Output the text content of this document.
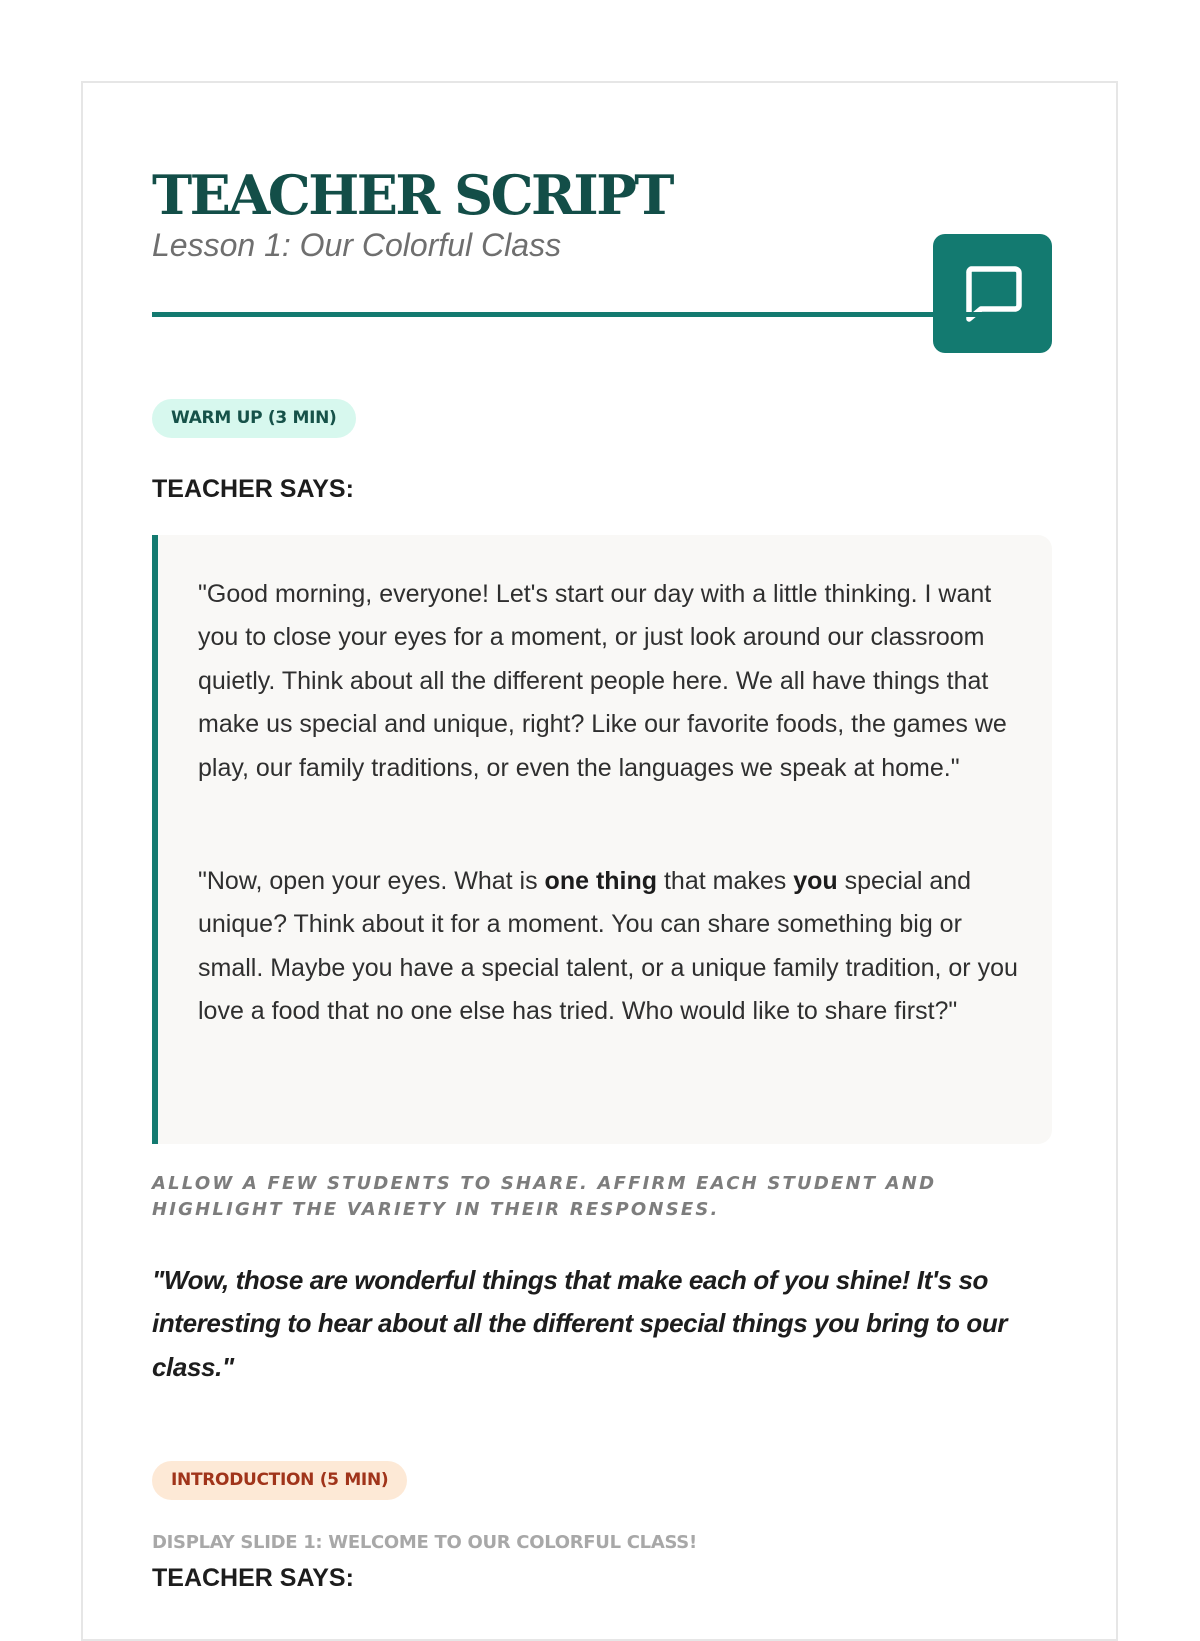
TEACHER SCRIPT

Lesson 1: Our Colorful Class

WARM UP (3 MIN)

TEACHER SAYS:

"Good morning, everyone! Let's start our day with a little thinking. I want you to close your eyes for a moment, or just look around our classroom quietly. Think about all the different people here. We all have things that make us special and unique, right? Like our favorite foods, the games we play, our family traditions, or even the languages we speak at home."

"Now, open your eyes. What is one thing that makes you special and unique? Think about it for a moment. You can share something big or small. Maybe you have a special talent, or a unique family tradition, or you love a food that no one else has tried. Who would like to share first?"

ALLOW A FEW STUDENTS TO SHARE. AFFIRM EACH STUDENT AND HIGHLIGHT THE VARIETY IN THEIR RESPONSES.

"Wow, those are wonderful things that make each of you shine! It's so interesting to hear about all the different special things you bring to our class."

INTRODUCTION (5 MIN)

DISPLAY SLIDE 1: WELCOME TO OUR COLORFUL CLASS!

TEACHER SAYS:
